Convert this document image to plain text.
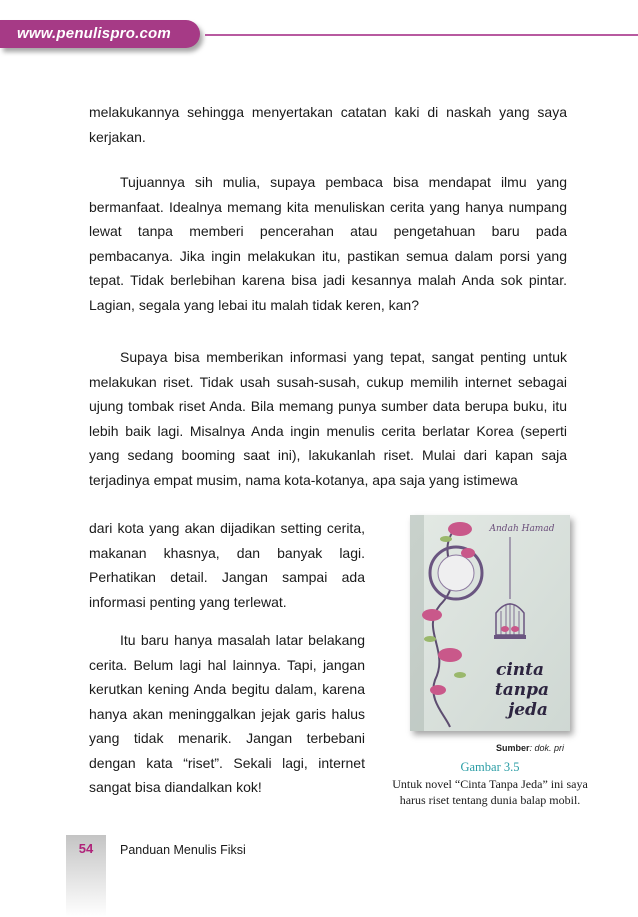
www.penulispro.com

melakukannya sehingga menyertakan catatan kaki di naskah yang saya kerjakan.

Tujuannya sih mulia, supaya pembaca bisa mendapat ilmu yang bermanfaat. Idealnya memang kita menuliskan cerita yang hanya numpang lewat tanpa memberi pencerahan atau pengetahuan baru pada pembacanya. Jika ingin melakukan itu, pastikan semua dalam porsi yang tepat. Tidak berlebihan karena bisa jadi kesannya malah Anda sok pintar. Lagian, segala yang lebai itu malah tidak keren, kan?

Supaya bisa memberikan informasi yang tepat, sangat penting untuk melakukan riset. Tidak usah susah-susah, cukup memilih internet sebagai ujung tombak riset Anda. Bila memang punya sumber data berupa buku, itu lebih baik lagi. Misalnya Anda ingin menulis cerita berlatar Korea (seperti yang sedang booming saat ini), lakukanlah riset. Mulai dari kapan saja terjadinya empat musim, nama kota-kotanya, apa saja yang istimewa

dari kota yang akan dijadikan setting cerita, makanan khasnya, dan banyak lagi. Perhatikan detail. Jangan sampai ada informasi penting yang terlewat.

Itu baru hanya masalah latar belakang cerita. Belum lagi hal lainnya. Tapi, jangan kerutkan kening Anda begitu dalam, karena hanya akan meninggalkan jejak garis halus yang tidak menarik. Jangan terbebani dengan kata “riset”. Sekali lagi, internet sangat bisa diandalkan kok!

Andah Hamad
cinta
tanpa
jeda
Sumber: dok. pri
Gambar 3.5
Untuk novel “Cinta Tanpa Jeda” ini saya harus riset tentang dunia balap mobil.
54	Panduan Menulis Fiksi
